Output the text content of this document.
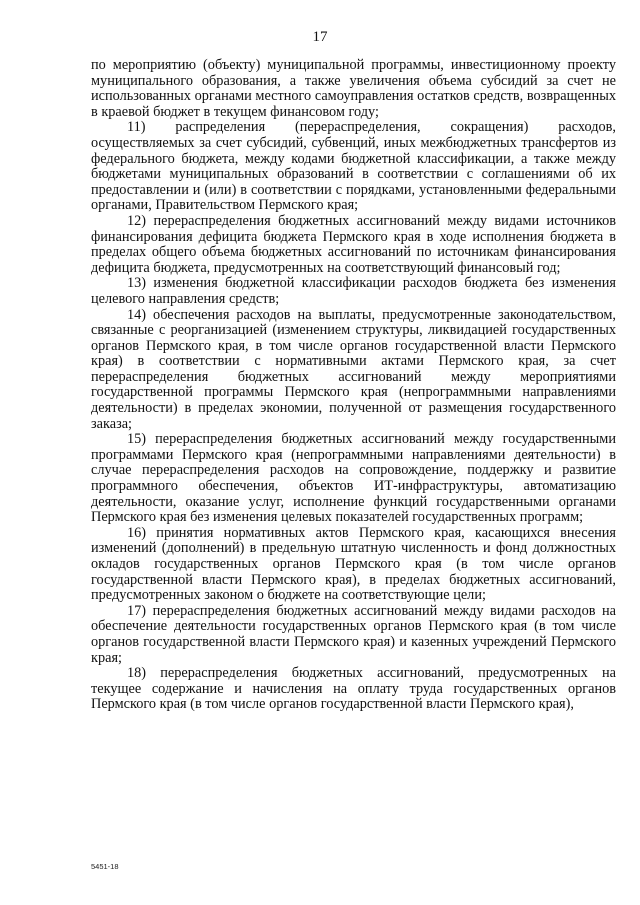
17

по мероприятию (объекту) муниципальной программы, инвестиционному проекту муниципального образования, а также увеличения объема субсидий за счет не использованных органами местного самоуправления остатков средств, возвращенных в краевой бюджет в текущем финансовом году;

11) распределения (перераспределения, сокращения) расходов, осуществляемых за счет субсидий, субвенций, иных межбюджетных трансфертов из федерального бюджета, между кодами бюджетной классификации, а также между бюджетами муниципальных образований в соответствии с соглашениями об их предоставлении и (или) в соответствии с порядками, установленными федеральными органами, Правительством Пермского края;

12) перераспределения бюджетных ассигнований между видами источников финансирования дефицита бюджета Пермского края в ходе исполнения бюджета в пределах общего объема бюджетных ассигнований по источникам финансирования дефицита бюджета, предусмотренных на соответствующий финансовый год;

13) изменения бюджетной классификации расходов бюджета без изменения целевого направления средств;

14) обеспечения расходов на выплаты, предусмотренные законодательством, связанные с реорганизацией (изменением структуры, ликвидацией государственных органов Пермского края, в том числе органов государственной власти Пермского края) в соответствии с нормативными актами Пермского края, за счет перераспределения бюджетных ассигнований между мероприятиями государственной программы Пермского края (непрограммными направлениями деятельности) в пределах экономии, полученной от размещения государственного заказа;

15) перераспределения бюджетных ассигнований между государственными программами Пермского края (непрограммными направлениями деятельности) в случае перераспределения расходов на сопровождение, поддержку и развитие программного обеспечения, объектов ИТ-инфраструктуры, автоматизацию деятельности, оказание услуг, исполнение функций государственными органами Пермского края без изменения целевых показателей государственных программ;

16) принятия нормативных актов Пермского края, касающихся внесения изменений (дополнений) в предельную штатную численность и фонд должностных окладов государственных органов Пермского края (в том числе органов государственной власти Пермского края), в пределах бюджетных ассигнований, предусмотренных законом о бюджете на соответствующие цели;

17) перераспределения бюджетных ассигнований между видами расходов на обеспечение деятельности государственных органов Пермского края (в том числе органов государственной власти Пермского края) и казенных учреждений Пермского края;

18) перераспределения бюджетных ассигнований, предусмотренных на текущее содержание и начисления на оплату труда государственных органов Пермского края (в том числе органов государственной власти Пермского края),

5451-18
